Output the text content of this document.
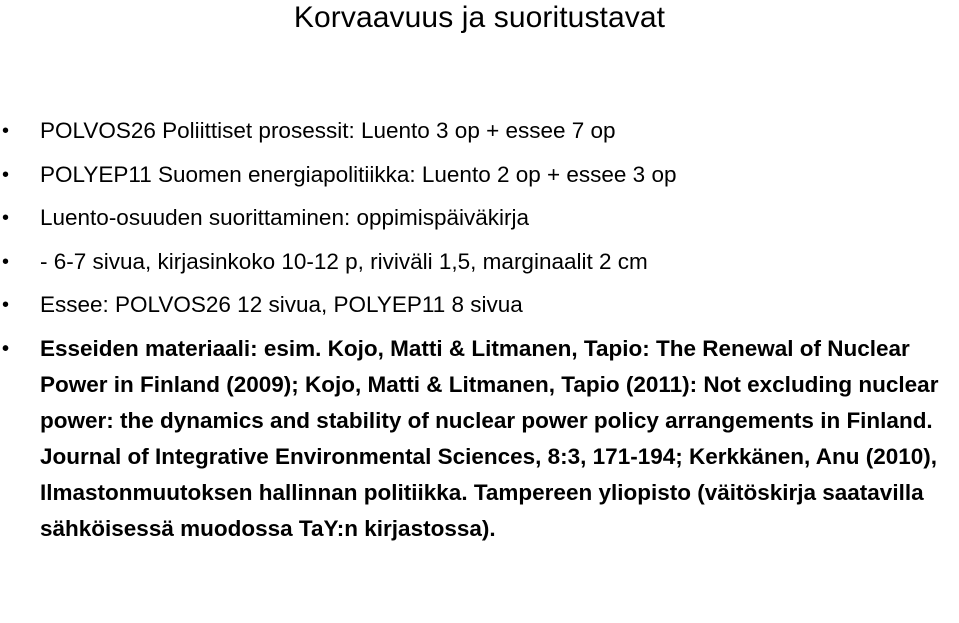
Korvaavuus ja suoritustavat
• POLVOS26 Poliittiset prosessit: Luento 3 op + essee 7 op
• POLYEP11 Suomen energiapolitiikka: Luento 2 op + essee 3 op
• Luento-osuuden suorittaminen: oppimispäiväkirja
• - 6-7 sivua, kirjasinkoko 10-12 p, riviväli 1,5, marginaalit 2 cm
• Essee: POLVOS26 12 sivua, POLYEP11 8 sivua
• Esseiden materiaali: esim. Kojo, Matti & Litmanen, Tapio: The Renewal of Nuclear Power in Finland (2009); Kojo, Matti & Litmanen, Tapio (2011): Not excluding nuclear power: the dynamics and stability of nuclear power policy arrangements in Finland. Journal of Integrative Environmental Sciences, 8:3, 171-194; Kerkkänen, Anu (2010), Ilmastonmuutoksen hallinnan politiikka. Tampereen yliopisto (väitöskirja saatavilla sähköisessä muodossa TaY:n kirjastossa).
